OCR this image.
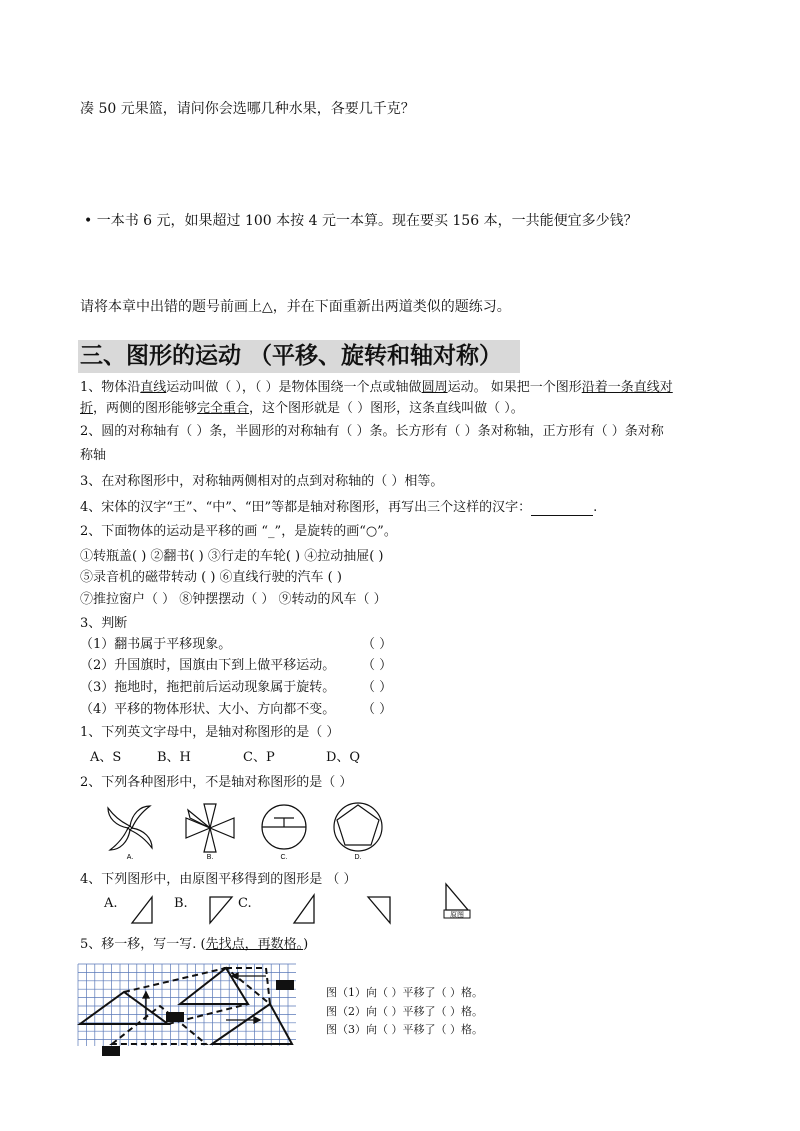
凑 50 元果篮，请问你会选哪几种水果，各要几千克？
• 一本书 6 元，如果超过 100 本按 4 元一本算。现在要买 156 本，一共能便宜多少钱？
请将本章中出错的题号前画上△，并在下面重新出两道类似的题练习。
三、图形的运动 （平移、旋转和轴对称）
1、物体沿直线运动叫做（ ），（ ）是物体围绕一个点或轴做圆周运动。 如果把一个图形沿着一条直线对
折，两侧的图形能够完全重合，这个图形就是（ ）图形，这条直线叫做（ ）。
2、圆的对称轴有（ ）条，半圆形的对称轴有（ ）条。长方形有（ ）条对称轴，正方形有（ ）条对称
称轴
3、在对称图形中，对称轴两侧相对的点到对称轴的（ ）相等。
4、宋体的汉字“王”、“中”、“田”等都是轴对称图形，再写出三个这样的汉字：	.
2、下面物体的运动是平移的画 “_”，是旋转的画“○”。
①转瓶盖( ) ②翻书( ) ③行走的车轮( ) ④拉动抽屉( )
⑤录音机的磁带转动 ( ) ⑥直线行驶的汽车 ( )
⑦推拉窗户（ ） ⑧钟摆摆动（ ） ⑨转动的风车（ ）
3、判断
（1）翻书属于平移现象。	（ ）
（2）升国旗时，国旗由下到上做平移运动。 （ ）
（3）拖地时，拖把前后运动现象属于旋转。 （ ）
（4）平移的物体形状、大小、方向都不变。 （ ）
1、下列英文字母中，是轴对称图形的是（ ）
A、S	B、H	C、P	D、Q
2、下列各种图形中，不是轴对称图形的是（ ）
A.	B.	C.	D.
4、下列图形中，由原图平移得到的图形是 （ ）
A.	B.	C.
原图
5、移一移，写一写. (先找点，再数格。)
图（1）向（ ）平移了（ ）格。
图（2）向（ ）平移了（ ）格。
图（3）向（ ）平移了（ ）格。
